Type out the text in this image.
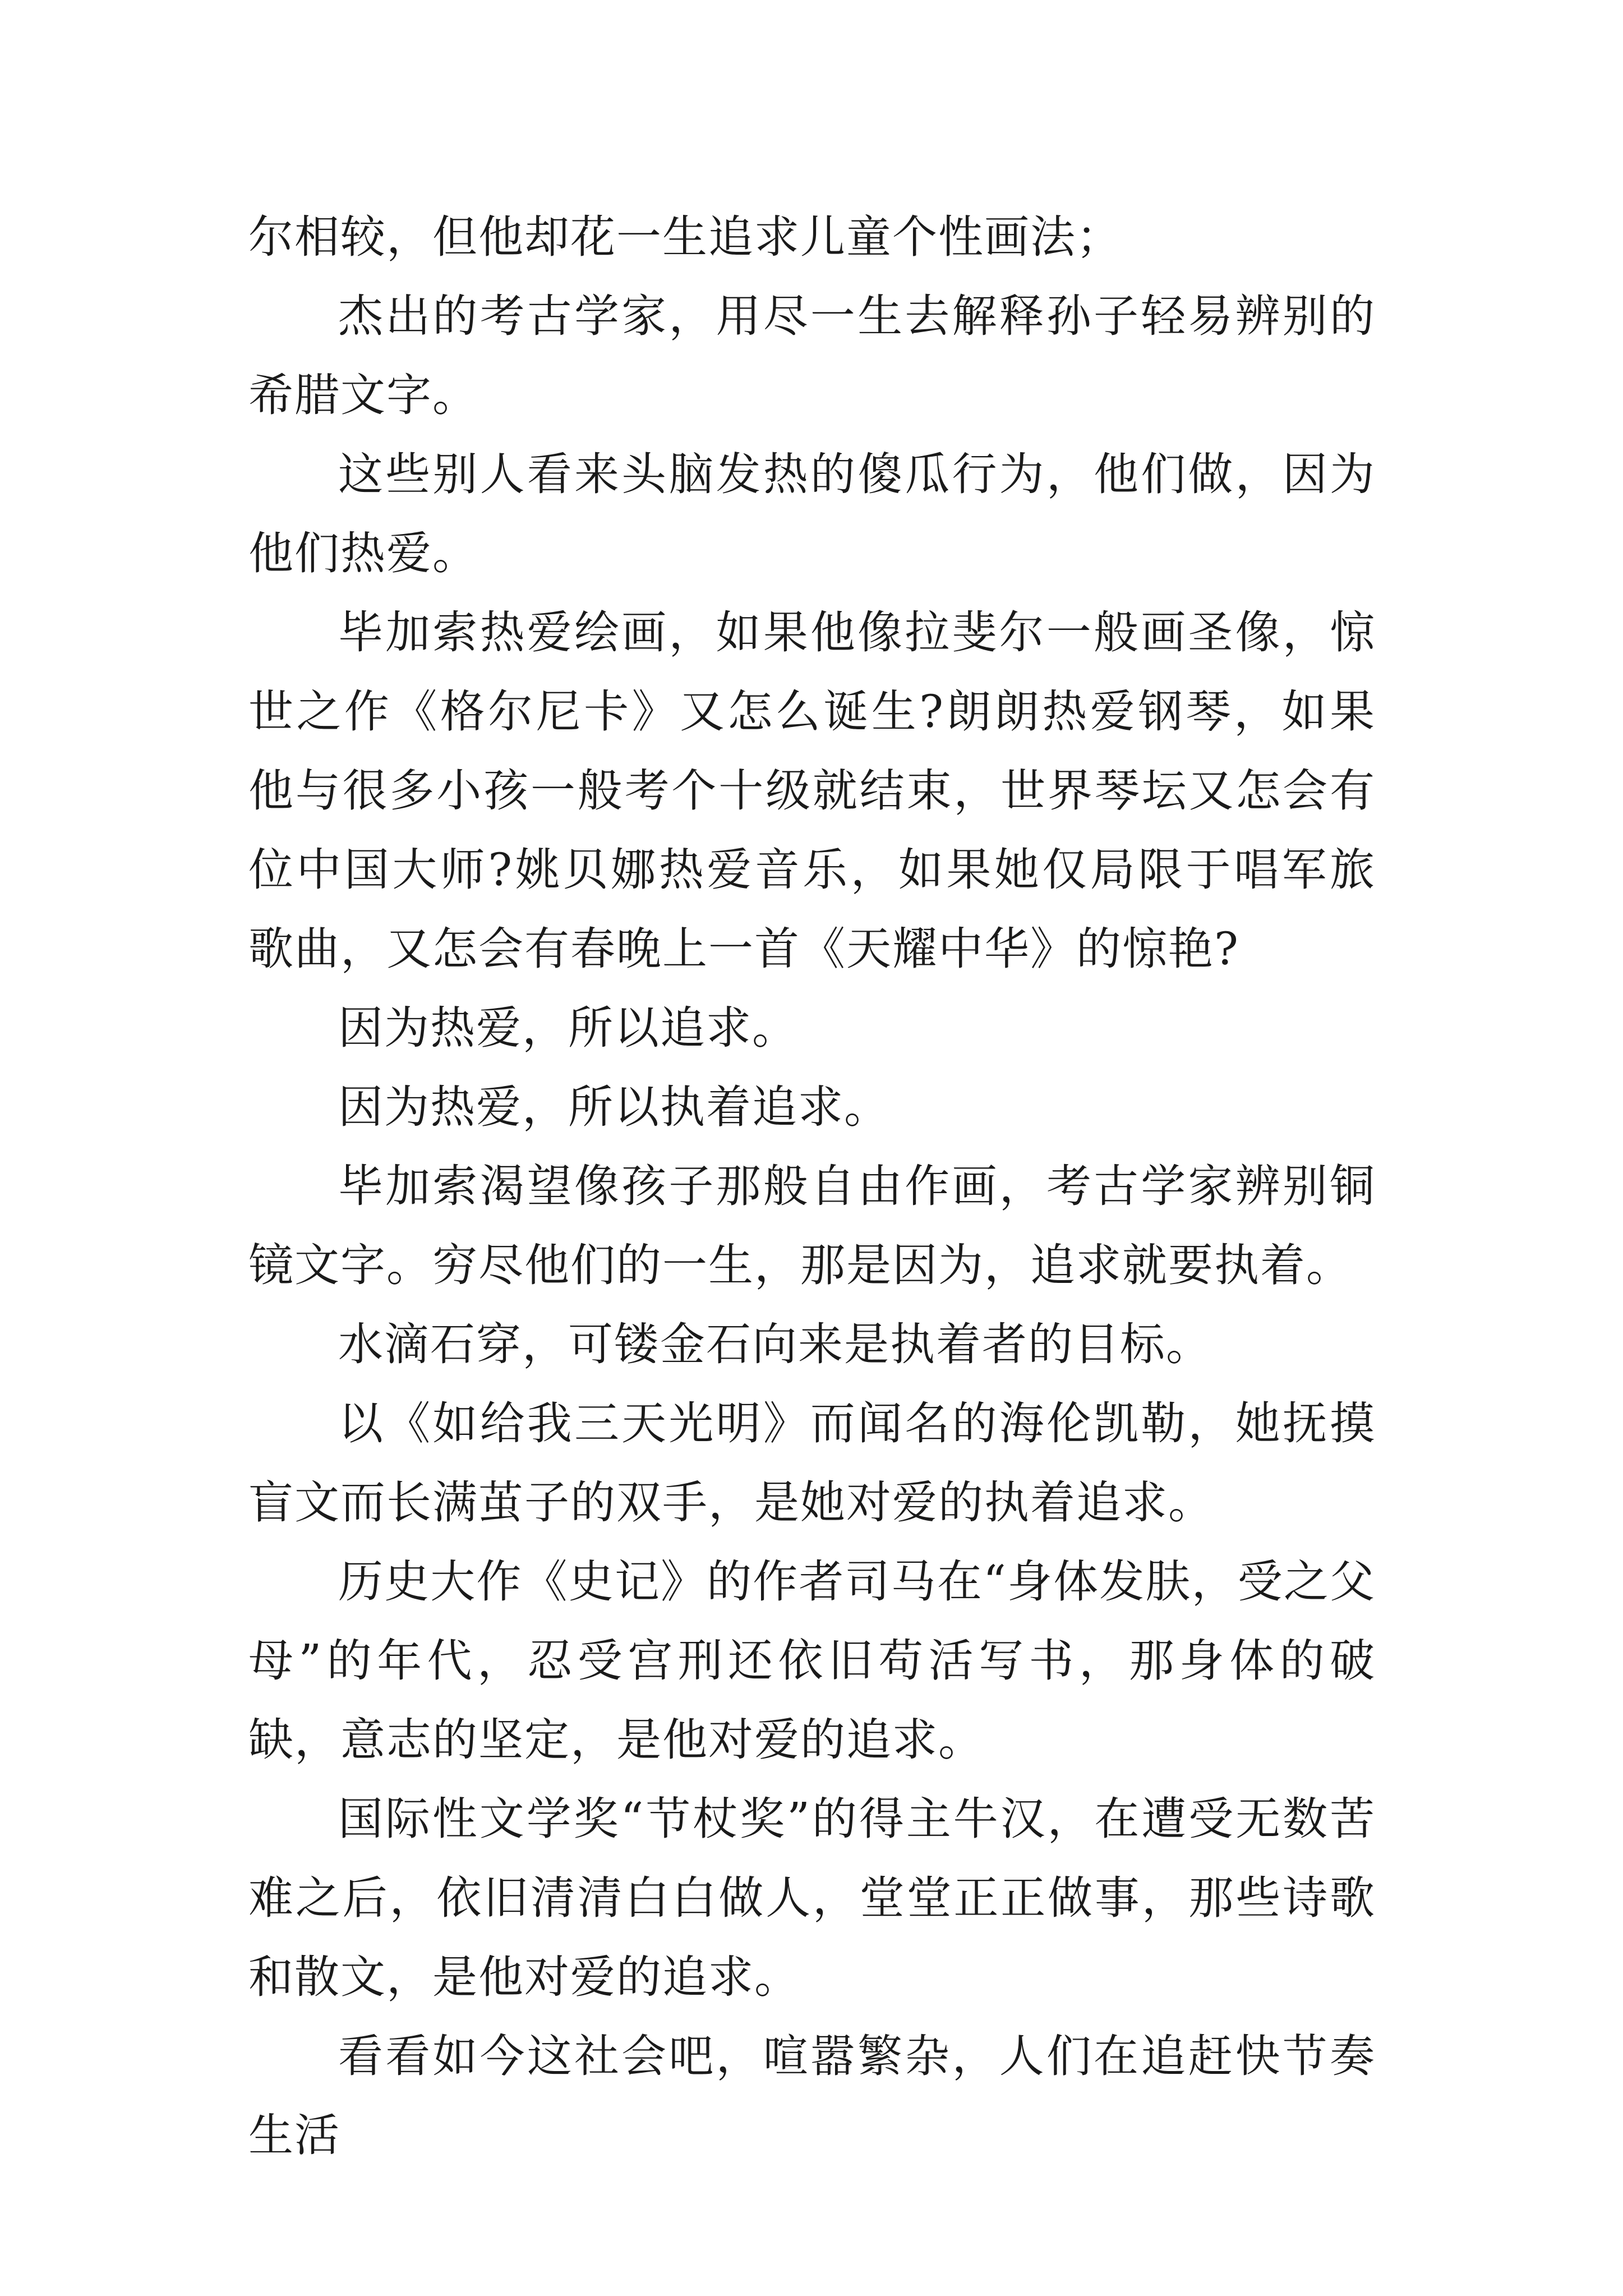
尔相较，但他却花一生追求儿童个性画法；

杰出的考古学家，用尽一生去解释孙子轻易辨别的希腊文字。

这些别人看来头脑发热的傻瓜行为，他们做，因为他们热爱。

毕加索热爱绘画，如果他像拉斐尔一般画圣像，惊世之作《格尔尼卡》又怎么诞生?朗朗热爱钢琴，如果他与很多小孩一般考个十级就结束，世界琴坛又怎会有位中国大师?姚贝娜热爱音乐，如果她仅局限于唱军旅歌曲，又怎会有春晚上一首《天耀中华》的惊艳?

因为热爱，所以追求。

因为热爱，所以执着追求。

毕加索渴望像孩子那般自由作画，考古学家辨别铜镜文字。穷尽他们的一生，那是因为，追求就要执着。

水滴石穿，可镂金石向来是执着者的目标。

以《如给我三天光明》而闻名的海伦凯勒，她抚摸盲文而长满茧子的双手，是她对爱的执着追求。

历史大作《史记》的作者司马在“身体发肤，受之父母”的年代，忍受宫刑还依旧苟活写书，那身体的破缺，意志的坚定，是他对爱的追求。

国际性文学奖“节杖奖”的得主牛汉，在遭受无数苦难之后，依旧清清白白做人，堂堂正正做事，那些诗歌和散文，是他对爱的追求。

看看如今这社会吧，喧嚣繁杂，人们在追赶快节奏生活
